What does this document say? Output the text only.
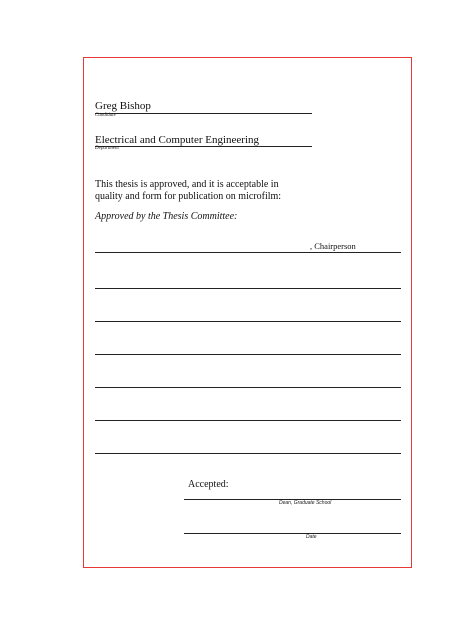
Greg Bishop
Candidate
Electrical and Computer Engineering
Department
This thesis is approved, and it is acceptable in quality and form for publication on microfilm:
Approved by the Thesis Committee:
, Chairperson
Accepted:
Dean, Graduate School
Date
